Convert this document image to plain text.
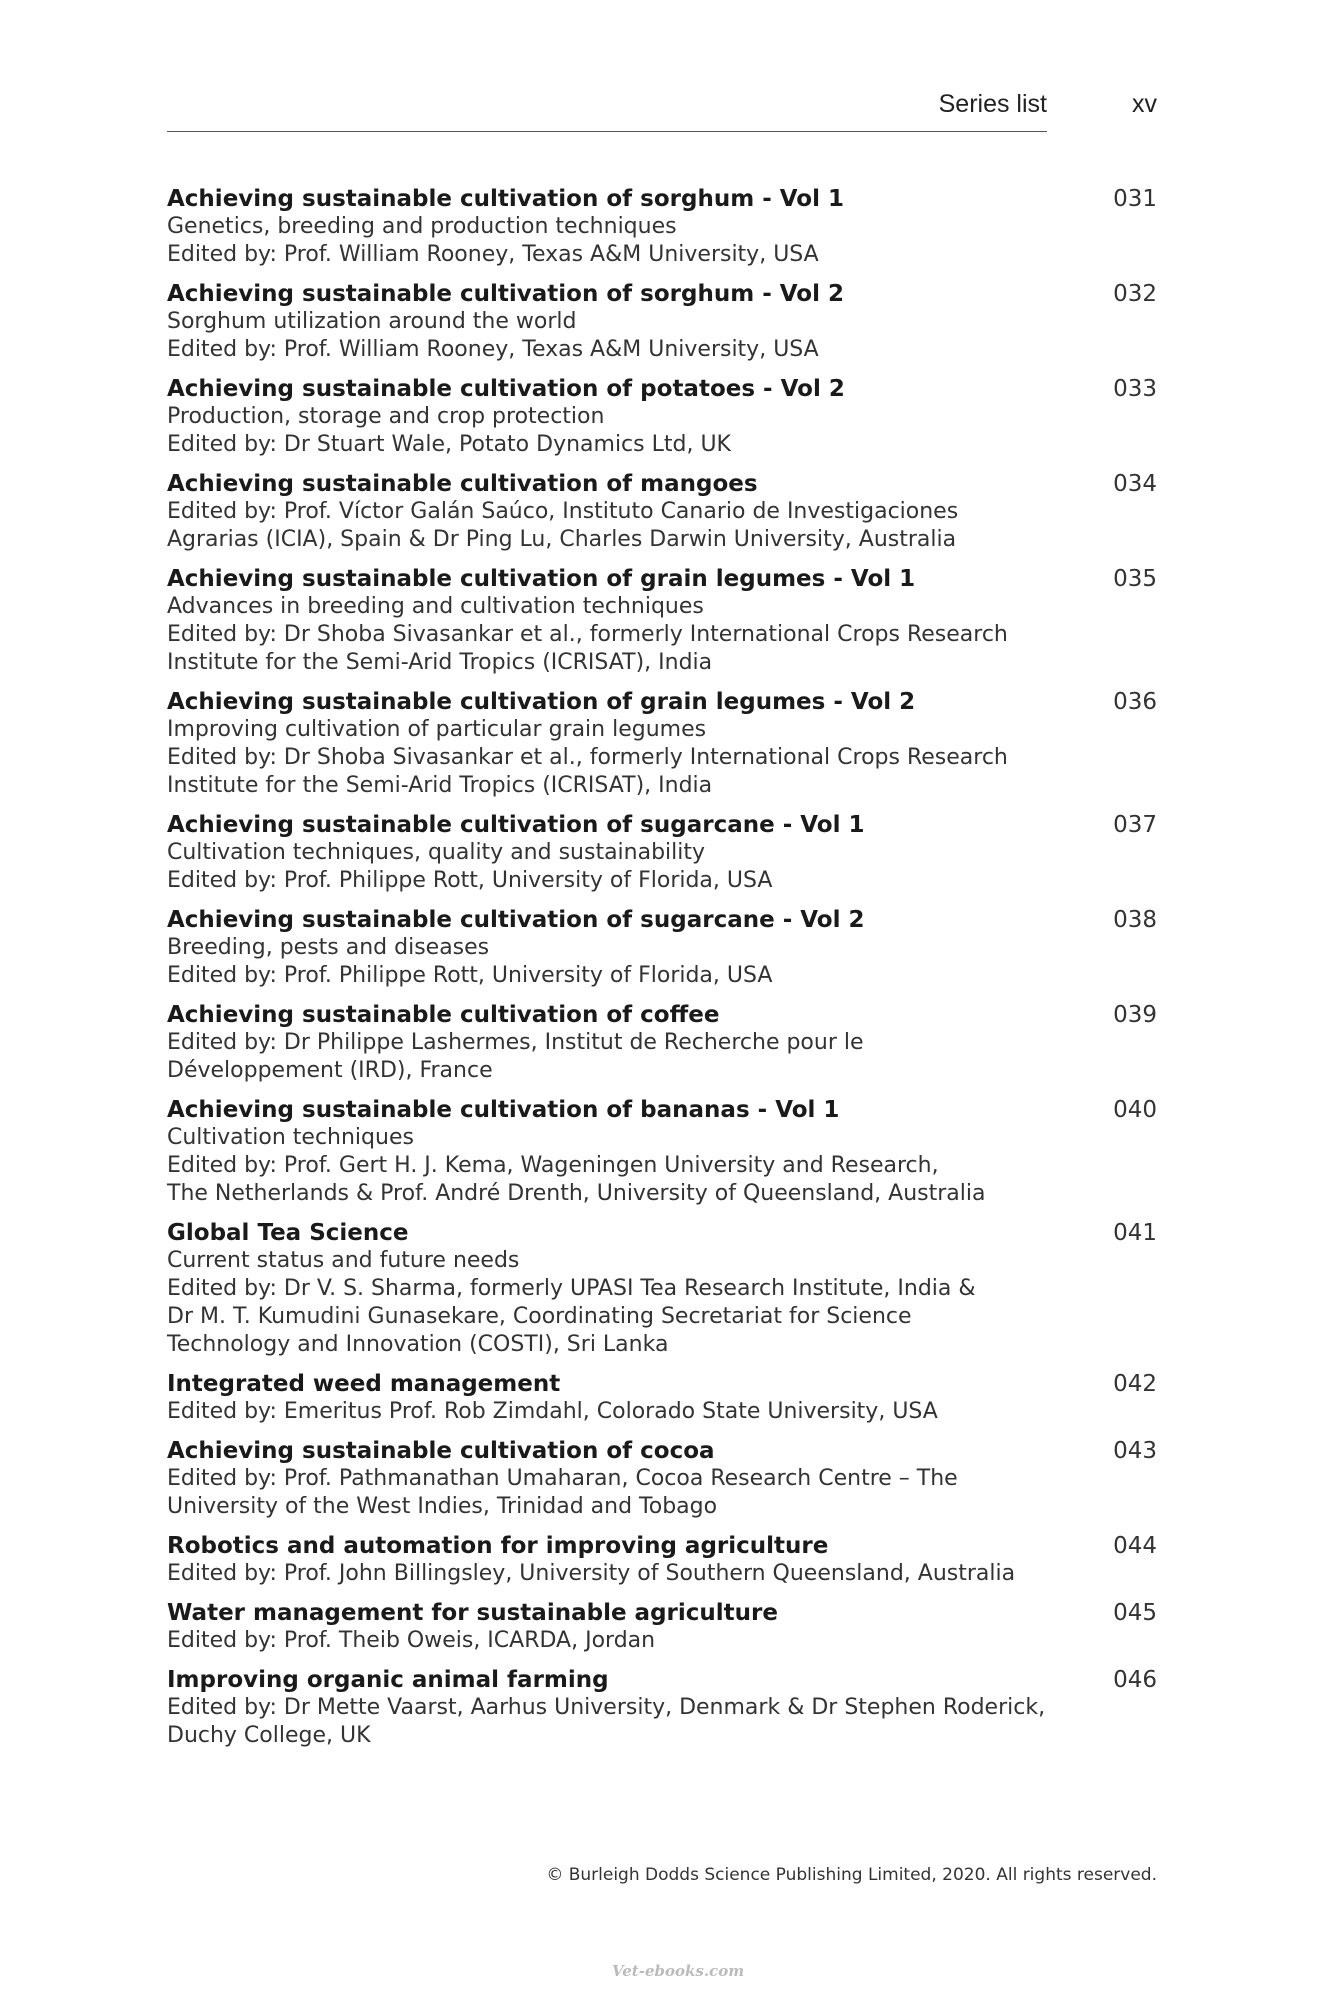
Series list	xv
Achieving sustainable cultivation of sorghum - Vol 1	031
Genetics, breeding and production techniques
Edited by: Prof. William Rooney, Texas A&M University, USA
Achieving sustainable cultivation of sorghum - Vol 2	032
Sorghum utilization around the world
Edited by: Prof. William Rooney, Texas A&M University, USA
Achieving sustainable cultivation of potatoes - Vol 2	033
Production, storage and crop protection
Edited by: Dr Stuart Wale, Potato Dynamics Ltd, UK
Achieving sustainable cultivation of mangoes	034
Edited by: Prof. Víctor Galán Saúco, Instituto Canario de Investigaciones
Agrarias (ICIA), Spain & Dr Ping Lu, Charles Darwin University, Australia
Achieving sustainable cultivation of grain legumes - Vol 1	035
Advances in breeding and cultivation techniques
Edited by: Dr Shoba Sivasankar et al., formerly International Crops Research
Institute for the Semi-Arid Tropics (ICRISAT), India
Achieving sustainable cultivation of grain legumes - Vol 2	036
Improving cultivation of particular grain legumes
Edited by: Dr Shoba Sivasankar et al., formerly International Crops Research
Institute for the Semi-Arid Tropics (ICRISAT), India
Achieving sustainable cultivation of sugarcane - Vol 1	037
Cultivation techniques, quality and sustainability
Edited by: Prof. Philippe Rott, University of Florida, USA
Achieving sustainable cultivation of sugarcane - Vol 2	038
Breeding, pests and diseases
Edited by: Prof. Philippe Rott, University of Florida, USA
Achieving sustainable cultivation of coffee	039
Edited by: Dr Philippe Lashermes, Institut de Recherche pour le
Développement (IRD), France
Achieving sustainable cultivation of bananas - Vol 1	040
Cultivation techniques
Edited by: Prof. Gert H. J. Kema, Wageningen University and Research,
The Netherlands & Prof. André Drenth, University of Queensland, Australia
Global Tea Science	041
Current status and future needs
Edited by: Dr V. S. Sharma, formerly UPASI Tea Research Institute, India &
Dr M. T. Kumudini Gunasekare, Coordinating Secretariat for Science
Technology and Innovation (COSTI), Sri Lanka
Integrated weed management	042
Edited by: Emeritus Prof. Rob Zimdahl, Colorado State University, USA
Achieving sustainable cultivation of cocoa	043
Edited by: Prof. Pathmanathan Umaharan, Cocoa Research Centre – The
University of the West Indies, Trinidad and Tobago
Robotics and automation for improving agriculture	044
Edited by: Prof. John Billingsley, University of Southern Queensland, Australia
Water management for sustainable agriculture	045
Edited by: Prof. Theib Oweis, ICARDA, Jordan
Improving organic animal farming	046
Edited by: Dr Mette Vaarst, Aarhus University, Denmark & Dr Stephen Roderick,
Duchy College, UK
© Burleigh Dodds Science Publishing Limited, 2020. All rights reserved.
Vet-ebooks.com
